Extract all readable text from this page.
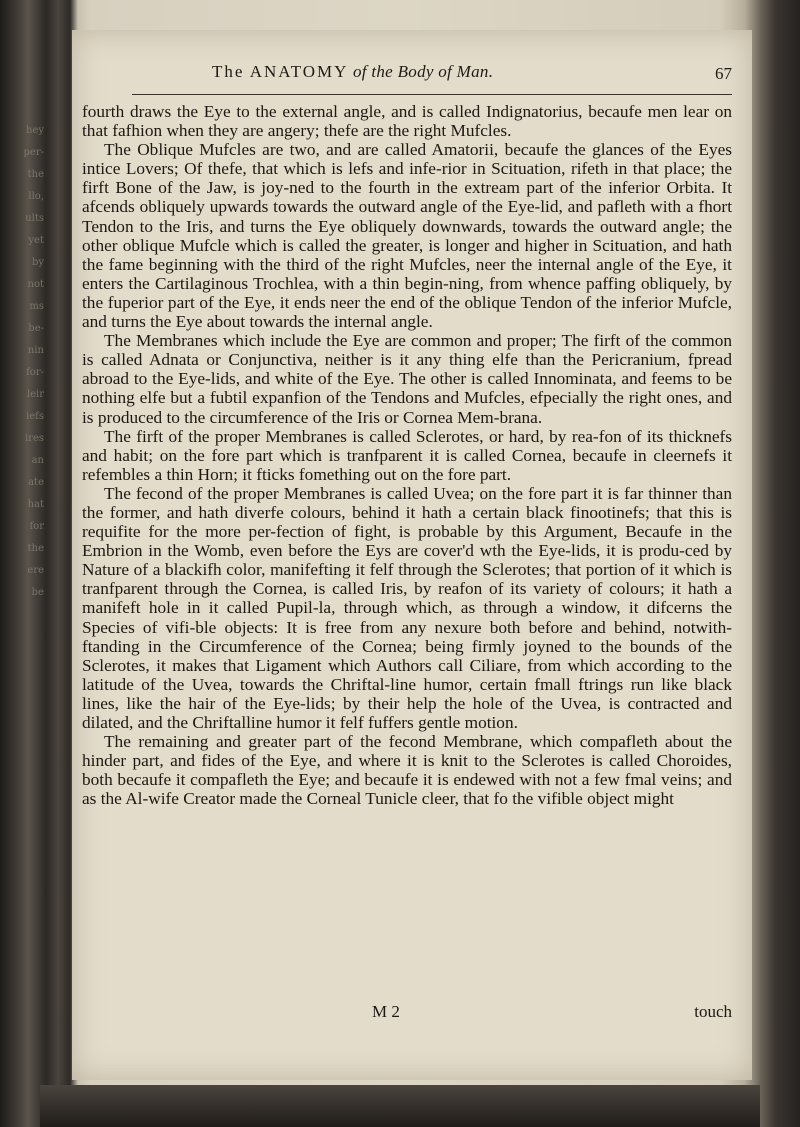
hey
per-
the
llo,
ults
yet
by
not
ms
be-
nin
for-
leir
iefs
ires
an
ate
hat
for
the
ere
be
The ANATOMY of the Body of Man.	67

fourth draws the Eye to the external angle, and is called Indignatorius, becaufe men lear on that fafhion when they are angery; thefe are the right Mufcles.

The Oblique Mufcles are two, and are called Amatorii, becaufe the glances of the Eyes intice Lovers; Of thefe, that which is lefs and infe-rior in Scituation, rifeth in that place; the firft Bone of the Jaw, is joy-ned to the fourth in the extream part of the inferior Orbita. It afcends obliquely upwards towards the outward angle of the Eye-lid, and pafleth with a fhort Tendon to the Iris, and turns the Eye obliquely downwards, towards the outward angle; the other oblique Mufcle which is called the greater, is longer and higher in Scituation, and hath the fame beginning with the third of the right Mufcles, neer the internal angle of the Eye, it enters the Cartilaginous Trochlea, with a thin begin-ning, from whence paffing obliquely, by the fuperior part of the Eye, it ends neer the end of the oblique Tendon of the inferior Mufcle, and turns the Eye about towards the internal angle.

The Membranes which include the Eye are common and proper; The firft of the common is called Adnata or Conjunctiva, neither is it any thing elfe than the Pericranium, fpread abroad to the Eye-lids, and white of the Eye. The other is called Innominata, and feems to be nothing elfe but a fubtil expanfion of the Tendons and Mufcles, efpecially the right ones, and is produced to the circumference of the Iris or Cornea Mem-brana.

The firft of the proper Membranes is called Sclerotes, or hard, by rea-fon of its thicknefs and habit; on the fore part which is tranfparent it is called Cornea, becaufe in cleernefs it refembles a thin Horn; it fticks fomething out on the fore part.

The fecond of the proper Membranes is called Uvea; on the fore part it is far thinner than the former, and hath diverfe colours, behind it hath a certain black finootinefs; that this is requifite for the more per-fection of fight, is probable by this Argument, Becaufe in the Embrion in the Womb, even before the Eys are cover'd wth the Eye-lids, it is produ-ced by Nature of a blackifh color, manifefting it felf through the Sclerotes; that portion of it which is tranfparent through the Cornea, is called Iris, by reafon of its variety of colours; it hath a manifeft hole in it called Pupil-la, through which, as through a window, it difcerns the Species of vifi-ble objects: It is free from any nexure both before and behind, notwith-ftanding in the Circumference of the Cornea; being firmly joyned to the bounds of the Sclerotes, it makes that Ligament which Authors call Ciliare, from which according to the latitude of the Uvea, towards the Chriftal-line humor, certain fmall ftrings run like black lines, like the hair of the Eye-lids; by their help the hole of the Uvea, is contracted and dilated, and the Chriftalline humor it felf fuffers gentle motion.

The remaining and greater part of the fecond Membrane, which compafleth about the hinder part, and fides of the Eye, and where it is knit to the Sclerotes is called Choroides, both becaufe it compafleth the Eye; and becaufe it is endewed with not a few fmal veins; and as the Al-wife Creator made the Corneal Tunicle cleer, that fo the vifible object might

M 2	touch
